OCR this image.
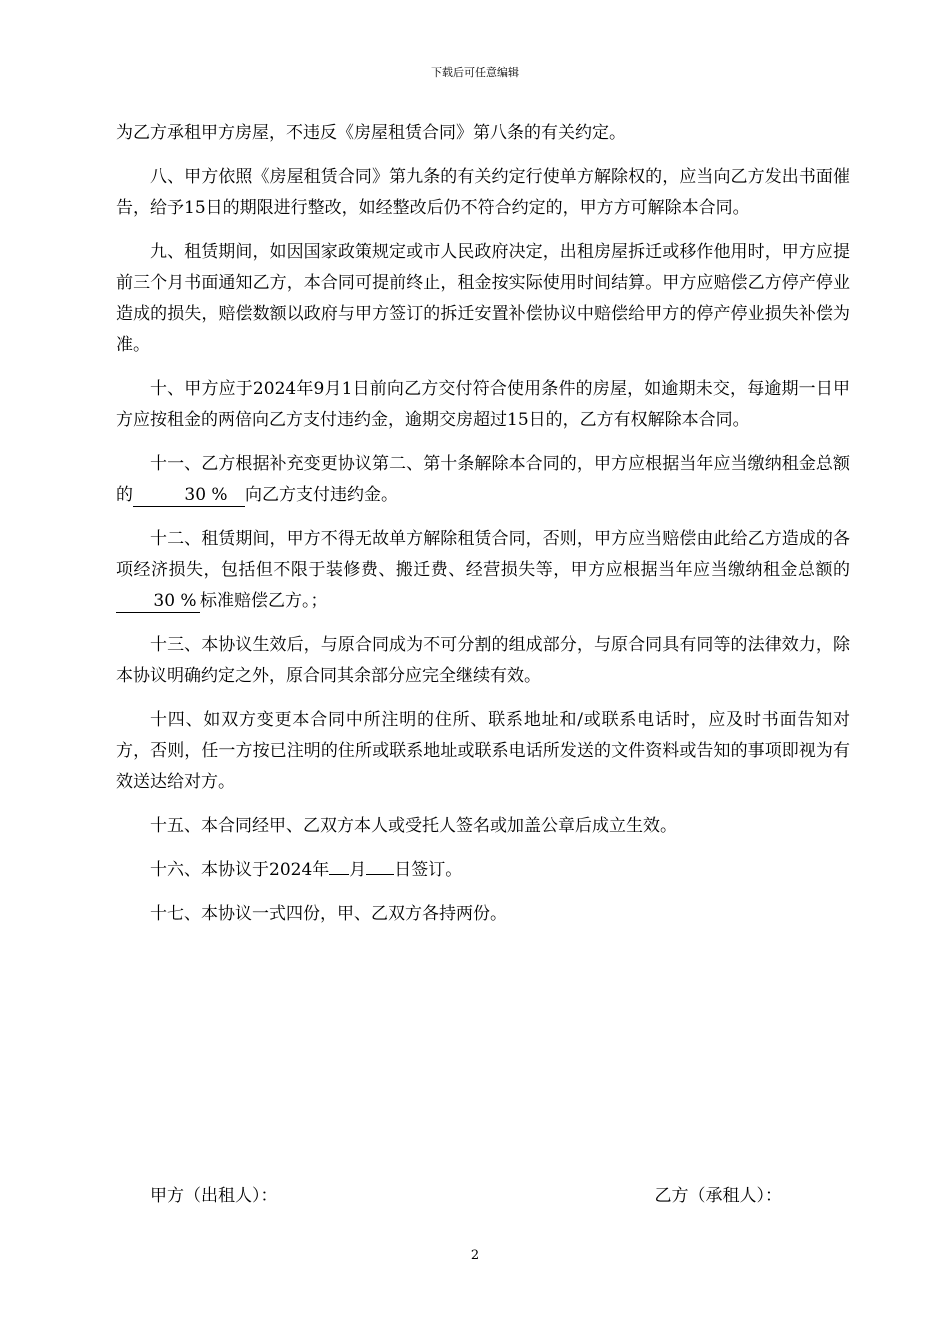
下载后可任意编辑

为乙方承租甲方房屋，不违反《房屋租赁合同》第八条的有关约定。

八、甲方依照《房屋租赁合同》第九条的有关约定行使单方解除权的，应当向乙方发出书面催告，给予15日的期限进行整改，如经整改后仍不符合约定的，甲方方可解除本合同。

九、租赁期间，如因国家政策规定或市人民政府决定，出租房屋拆迁或移作他用时，甲方应提前三个月书面通知乙方，本合同可提前终止，租金按实际使用时间结算。甲方应赔偿乙方停产停业造成的损失，赔偿数额以政府与甲方签订的拆迁安置补偿协议中赔偿给甲方的停产停业损失补偿为准。

十、甲方应于2024年9月1日前向乙方交付符合使用条件的房屋，如逾期未交，每逾期一日甲方应按租金的两倍向乙方支付违约金，逾期交房超过15日的，乙方有权解除本合同。

十一、乙方根据补充变更协议第二、第十条解除本合同的，甲方应根据当年应当缴纳租金总额的	30 % 向乙方支付违约金。

十二、租赁期间，甲方不得无故单方解除租赁合同，否则，甲方应当赔偿由此给乙方造成的各项经济损失，包括但不限于装修费、搬迁费、经营损失等，甲方应根据当年应当缴纳租金总额的30 % 标准赔偿乙方。；

十三、本协议生效后，与原合同成为不可分割的组成部分，与原合同具有同等的法律效力，除本协议明确约定之外，原合同其余部分应完全继续有效。

十四、如双方变更本合同中所注明的住所、联系地址和/或联系电话时，应及时书面告知对方，否则，任一方按已注明的住所或联系地址或联系电话所发送的文件资料或告知的事项即视为有效送达给对方。

十五、本合同经甲、乙双方本人或受托人签名或加盖公章后成立生效。

十六、本协议于2024年 月 日签订。

十七、本协议一式四份，甲、乙双方各持两份。

甲方（出租人）：	乙方（承租人）：
2
